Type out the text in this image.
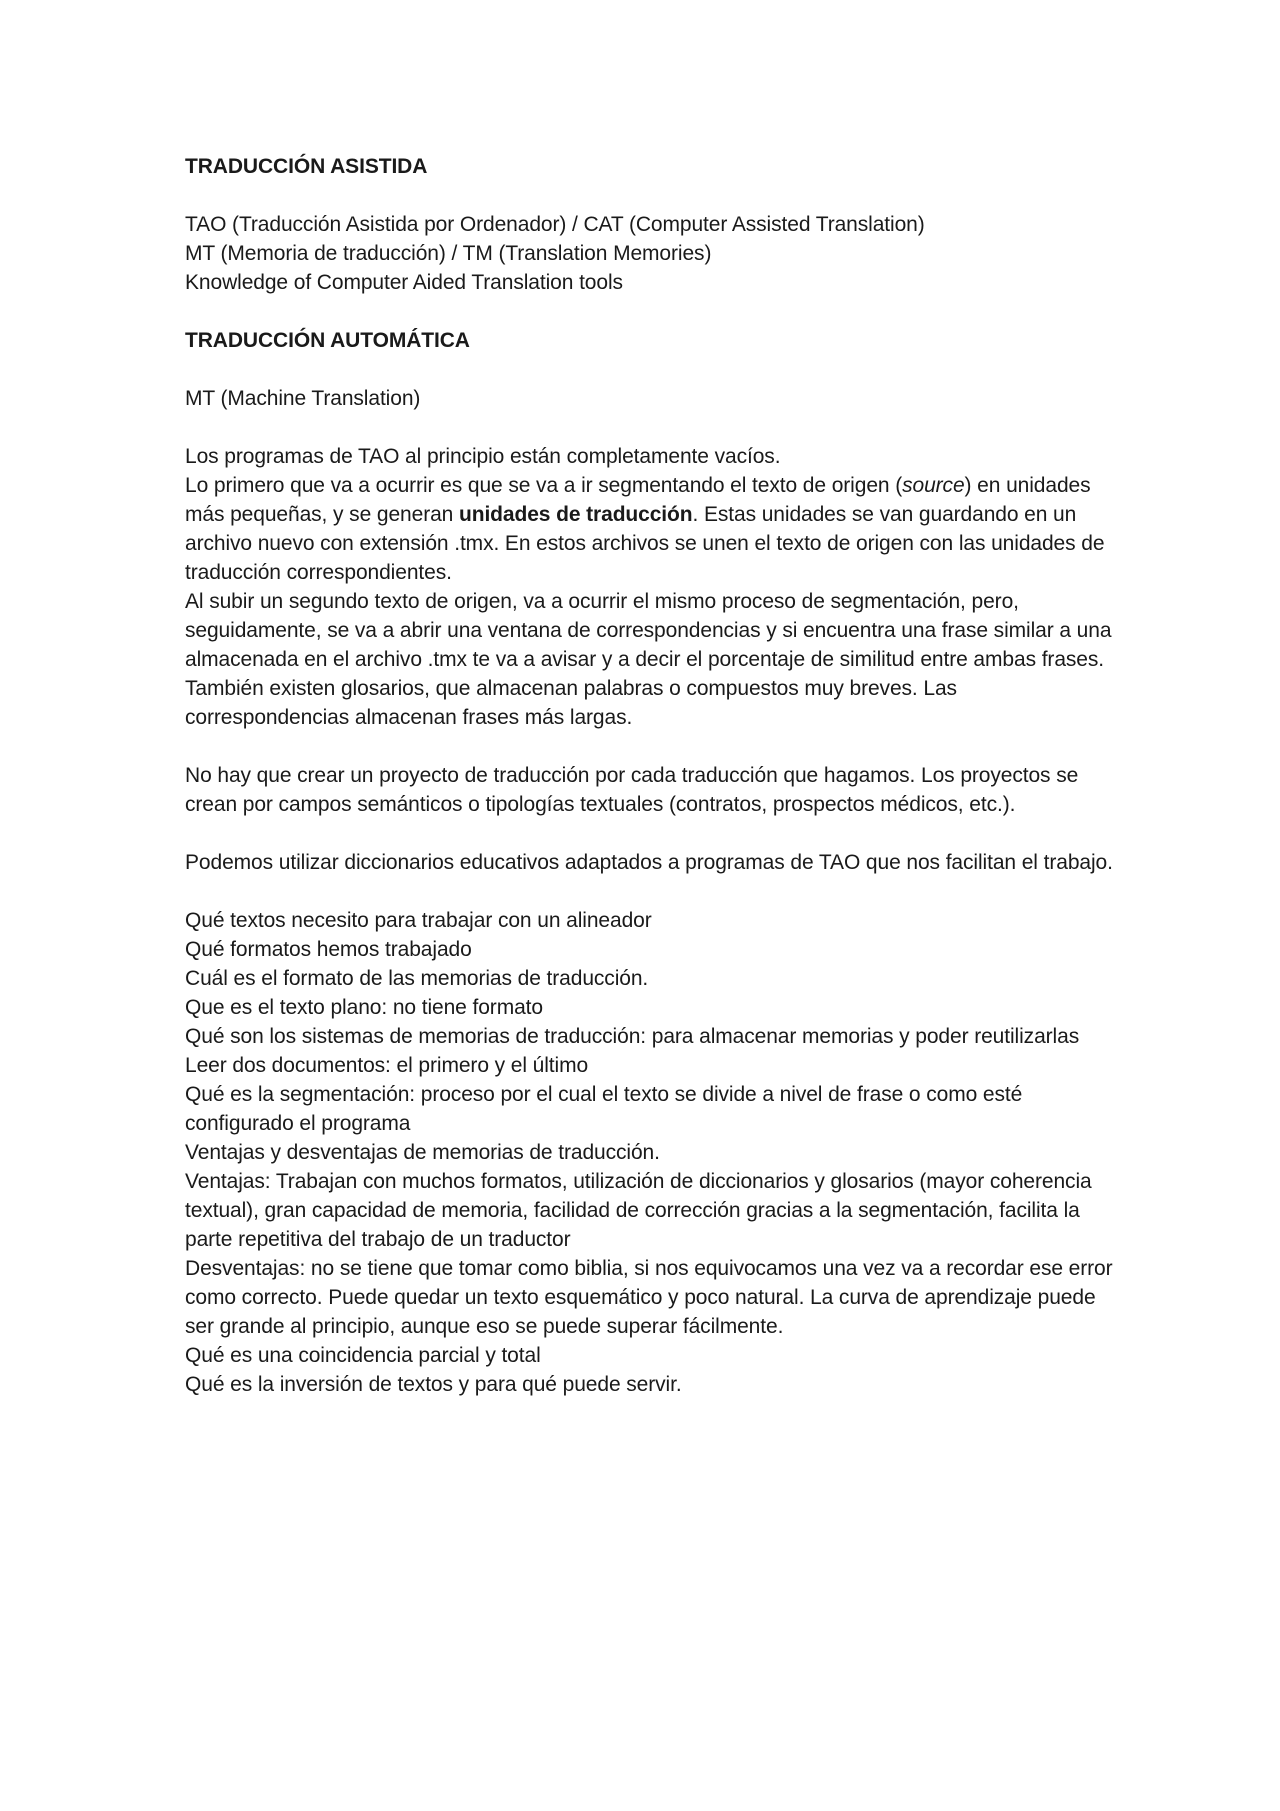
TRADUCCIÓN ASISTIDA

TAO (Traducción Asistida por Ordenador) / CAT (Computer Assisted Translation)

MT (Memoria de traducción) / TM (Translation Memories)

Knowledge of Computer Aided Translation tools

TRADUCCIÓN AUTOMÁTICA

MT (Machine Translation)

Los programas de TAO al principio están completamente vacíos.

Lo primero que va a ocurrir es que se va a ir segmentando el texto de origen (source) en unidades más pequeñas, y se generan unidades de traducción. Estas unidades se van guardando en un archivo nuevo con extensión .tmx. En estos archivos se unen el texto de origen con las unidades de traducción correspondientes.

Al subir un segundo texto de origen, va a ocurrir el mismo proceso de segmentación, pero, seguidamente, se va a abrir una ventana de correspondencias y si encuentra una frase similar a una almacenada en el archivo .tmx te va a avisar y a decir el porcentaje de similitud entre ambas frases. También existen glosarios, que almacenan palabras o compuestos muy breves. Las correspondencias almacenan frases más largas.

No hay que crear un proyecto de traducción por cada traducción que hagamos. Los proyectos se crean por campos semánticos o tipologías textuales (contratos, prospectos médicos, etc.).

Podemos utilizar diccionarios educativos adaptados a programas de TAO que nos facilitan el trabajo.

Qué textos necesito para trabajar con un alineador

Qué formatos hemos trabajado

Cuál es el formato de las memorias de traducción.

Que es el texto plano: no tiene formato

Qué son los sistemas de memorias de traducción: para almacenar memorias y poder reutilizarlas

Leer dos documentos: el primero y el último

Qué es la segmentación: proceso por el cual el texto se divide a nivel de frase o como esté configurado el programa

Ventajas y desventajas de memorias de traducción.

Ventajas: Trabajan con muchos formatos, utilización de diccionarios y glosarios (mayor coherencia textual), gran capacidad de memoria, facilidad de corrección gracias a la segmentación, facilita la parte repetitiva del trabajo de un traductor

Desventajas: no se tiene que tomar como biblia, si nos equivocamos una vez va a recordar ese error como correcto. Puede quedar un texto esquemático y poco natural. La curva de aprendizaje puede ser grande al principio, aunque eso se puede superar fácilmente.

Qué es una coincidencia parcial y total

Qué es la inversión de textos y para qué puede servir.
